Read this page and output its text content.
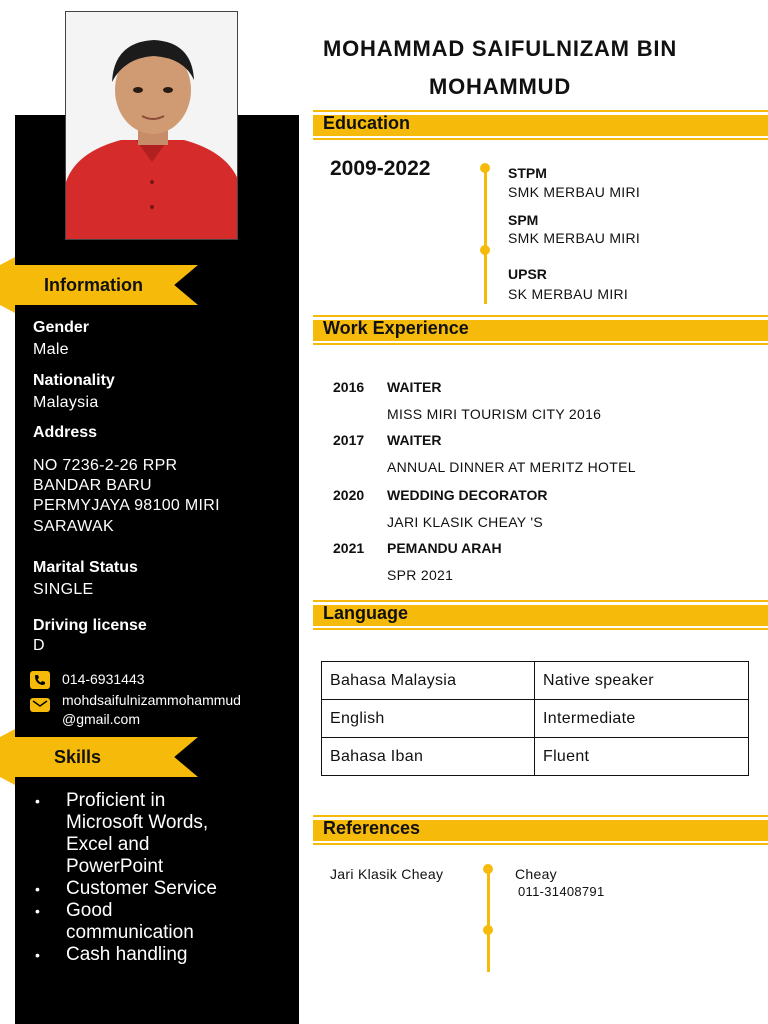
Information
Gender
Male
Nationality
Malaysia
Address
NO 7236-2-26 RPR
BANDAR BARU
PERMYJAYA 98100 MIRI
SARAWAK
Marital Status
SINGLE
Driving license
D
014-6931443
mohdsaifulnizammohammud
@gmail.com
Skills
• Proficient in
Microsoft Words,
Excel and
PowerPoint
• Customer Service
• Good
communication
• Cash handling
MOHAMMAD SAIFULNIZAM BIN
MOHAMMUD
Education
2009-2022	STPM
SMK MERBAU MIRI
SPM
SMK MERBAU MIRI
UPSR
SK MERBAU MIRI
Work Experience
2016 WAITER
MISS MIRI TOURISM CITY 2016
2017 WAITER
ANNUAL DINNER AT MERITZ HOTEL
2020 WEDDING DECORATOR
JARI KLASIK CHEAY 'S
2021 PEMANDU ARAH
SPR 2021
Language
Bahasa Malaysia	Native speaker
English	Intermediate
Bahasa Iban	Fluent
References
Jari Klasik Cheay	Cheay
011-31408791
